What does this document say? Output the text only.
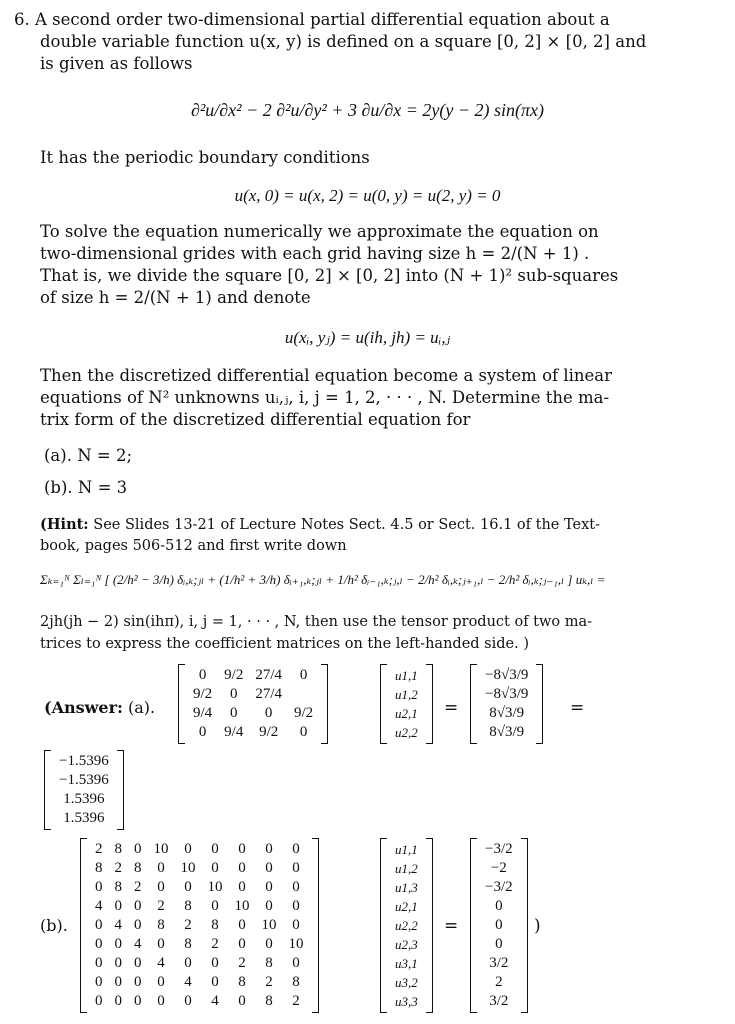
6. A second order two-dimensional partial differential equation about a
double variable function u(x, y) is defined on a square [0, 2] × [0, 2] and
is given as follows
∂²u/∂x² − 2 ∂²u/∂y² + 3 ∂u/∂x = 2y(y − 2) sin(πx)
It has the periodic boundary conditions
u(x, 0) = u(x, 2) = u(0, y) = u(2, y) = 0
To solve the equation numerically we approximate the equation on
two-dimensional grides with each grid having size h = 2/(N + 1) .
That is, we divide the square [0, 2] × [0, 2] into (N + 1)² sub-squares
of size h = 2/(N + 1) and denote
u(xᵢ, yⱼ) = u(ih, jh) = uᵢ,ⱼ
Then the discretized differential equation become a system of linear
equations of N² unknowns uᵢ,ⱼ, i, j = 1, 2, · · · , N. Determine the ma-
trix form of the discretized differential equation for
(a). N = 2;
(b). N = 3
(Hint: See Slides 13-21 of Lecture Notes Sect. 4.5 or Sect. 16.1 of the Text-
book, pages 506-512 and first write down
Σₖ₌₁ᴺ Σₗ₌₁ᴺ [ (2/h² − 3/h) δᵢ,ₖ;ⱼₗ + (1/h² + 3/h) δᵢ₊₁,ₖ;ⱼₗ + 1/h² δᵢ₋₁,ₖ;ⱼ,ₗ − 2/h² δᵢ,ₖ;ⱼ₊₁,ₗ − 2/h² δᵢ,ₖ;ⱼ₋₁,ₗ ] uₖ,ₗ =
2jh(jh − 2) sin(ihπ), i, j = 1, · · · , N, then use the tensor product of two ma-
trices to express the coefficient matrices on the left-handed side. )
(Answer: (a).
0	9/2	27/4	0
9/2	0	27/4	
9/4	0	0	9/2
0	9/4	9/2	0
u1,1
u1,2
u2,1
u2,2
=
−8√3/9
−8√3/9
8√3/9
8√3/9
=
−1.5396
−1.5396
1.5396
1.5396
(b).
2	8	0	10	0	0	0	0	0
8	2	8	0	10	0	0	0	0
0	8	2	0	0	10	0	0	0
4	0	0	2	8	0	10	0	0
0	4	0	8	2	8	0	10	0
0	0	4	0	8	2	0	0	10
0	0	0	4	0	0	2	8	0
0	0	0	0	4	0	8	2	8
0	0	0	0	0	4	0	8	2
u1,1
u1,2
u1,3
u2,1
u2,2
u2,3
u3,1
u3,2
u3,3
=
−3/2
−2
−3/2
0
0
0
3/2
2
3/2
)
